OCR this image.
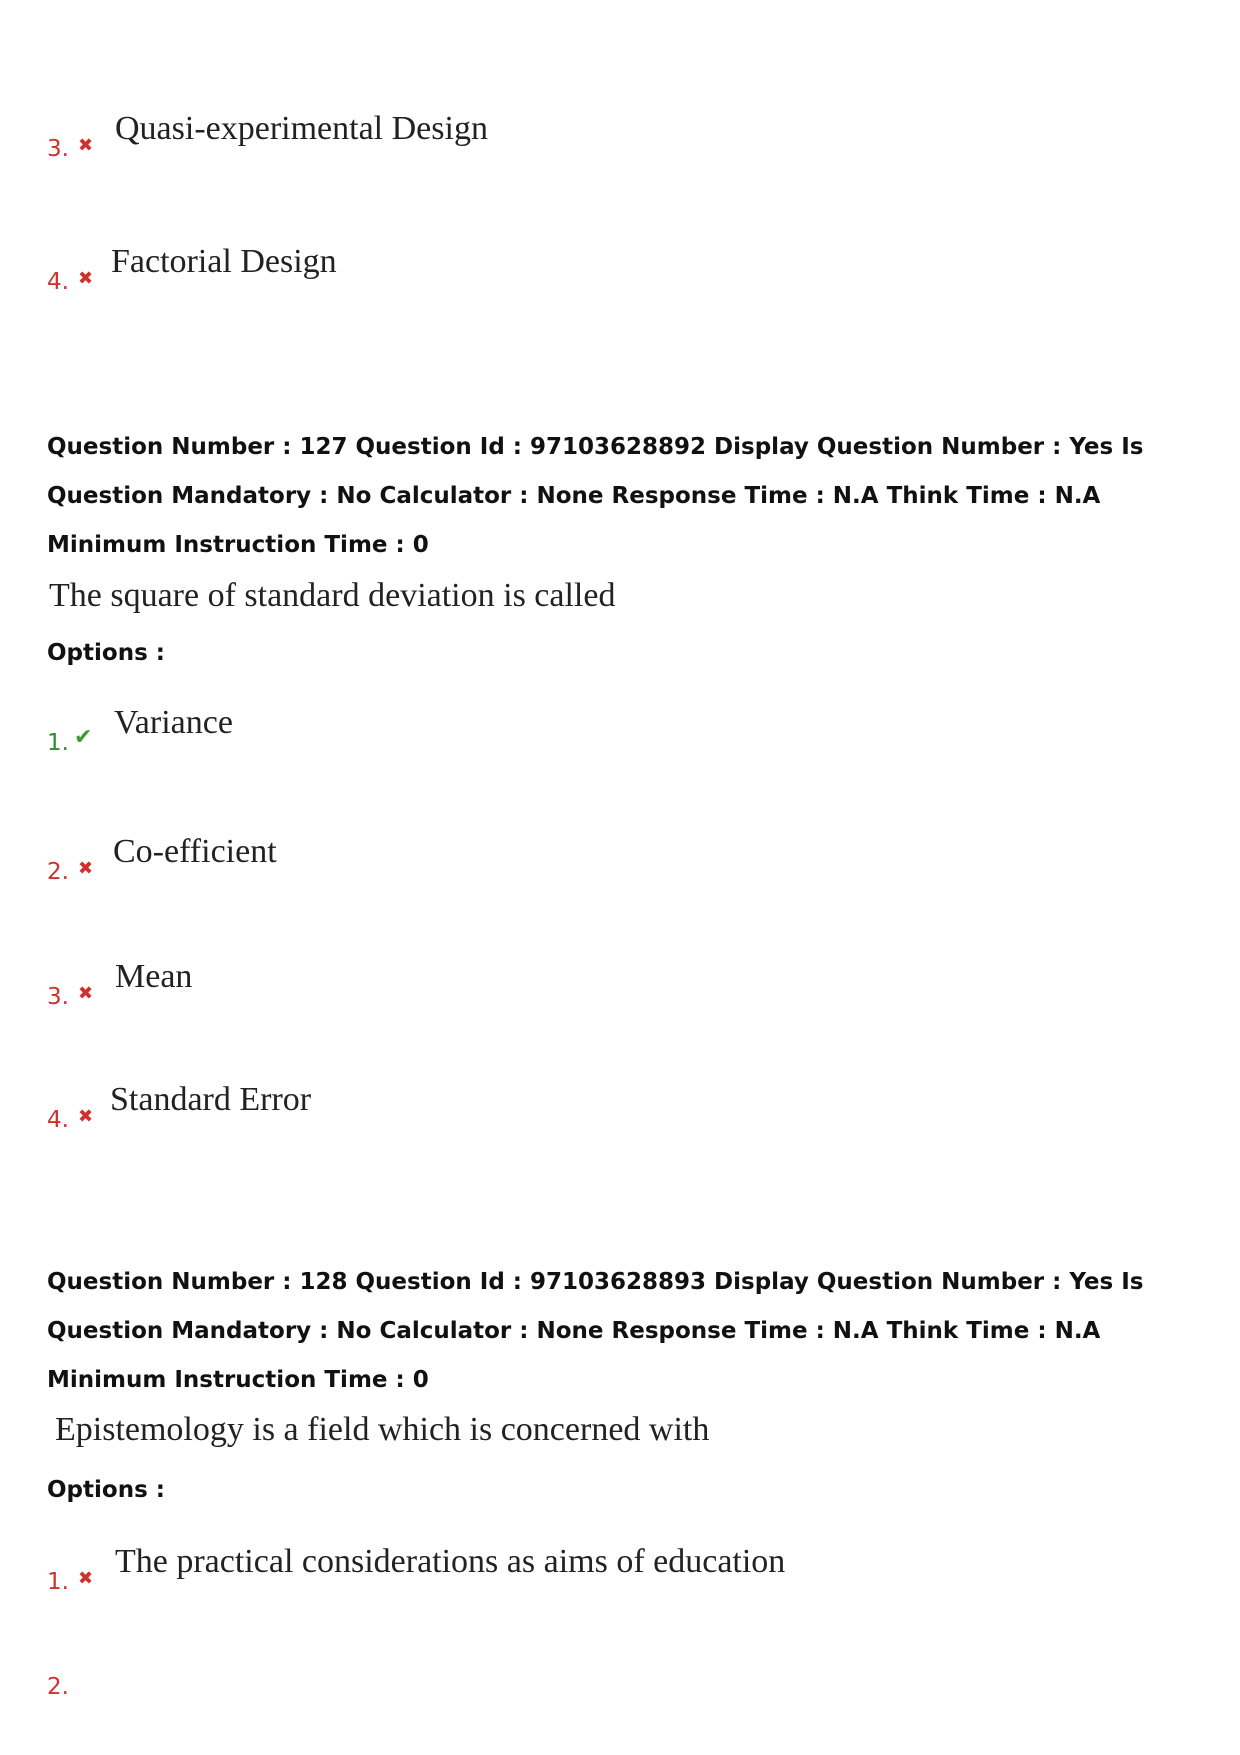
3. ✖ Quasi-experimental Design
4. ✖ Factorial Design
Question Number : 127 Question Id : 97103628892 Display Question Number : Yes Is Question Mandatory : No Calculator : None Response Time : N.A Think Time : N.A Minimum Instruction Time : 0
The square of standard deviation is called
Options :
1. ✔ Variance
2. ✖ Co-efficient
3. ✖ Mean
4. ✖ Standard Error
Question Number : 128 Question Id : 97103628893 Display Question Number : Yes Is Question Mandatory : No Calculator : None Response Time : N.A Think Time : N.A Minimum Instruction Time : 0
Epistemology is a field which is concerned with
Options :
1. ✖ The practical considerations as aims of education
2.
